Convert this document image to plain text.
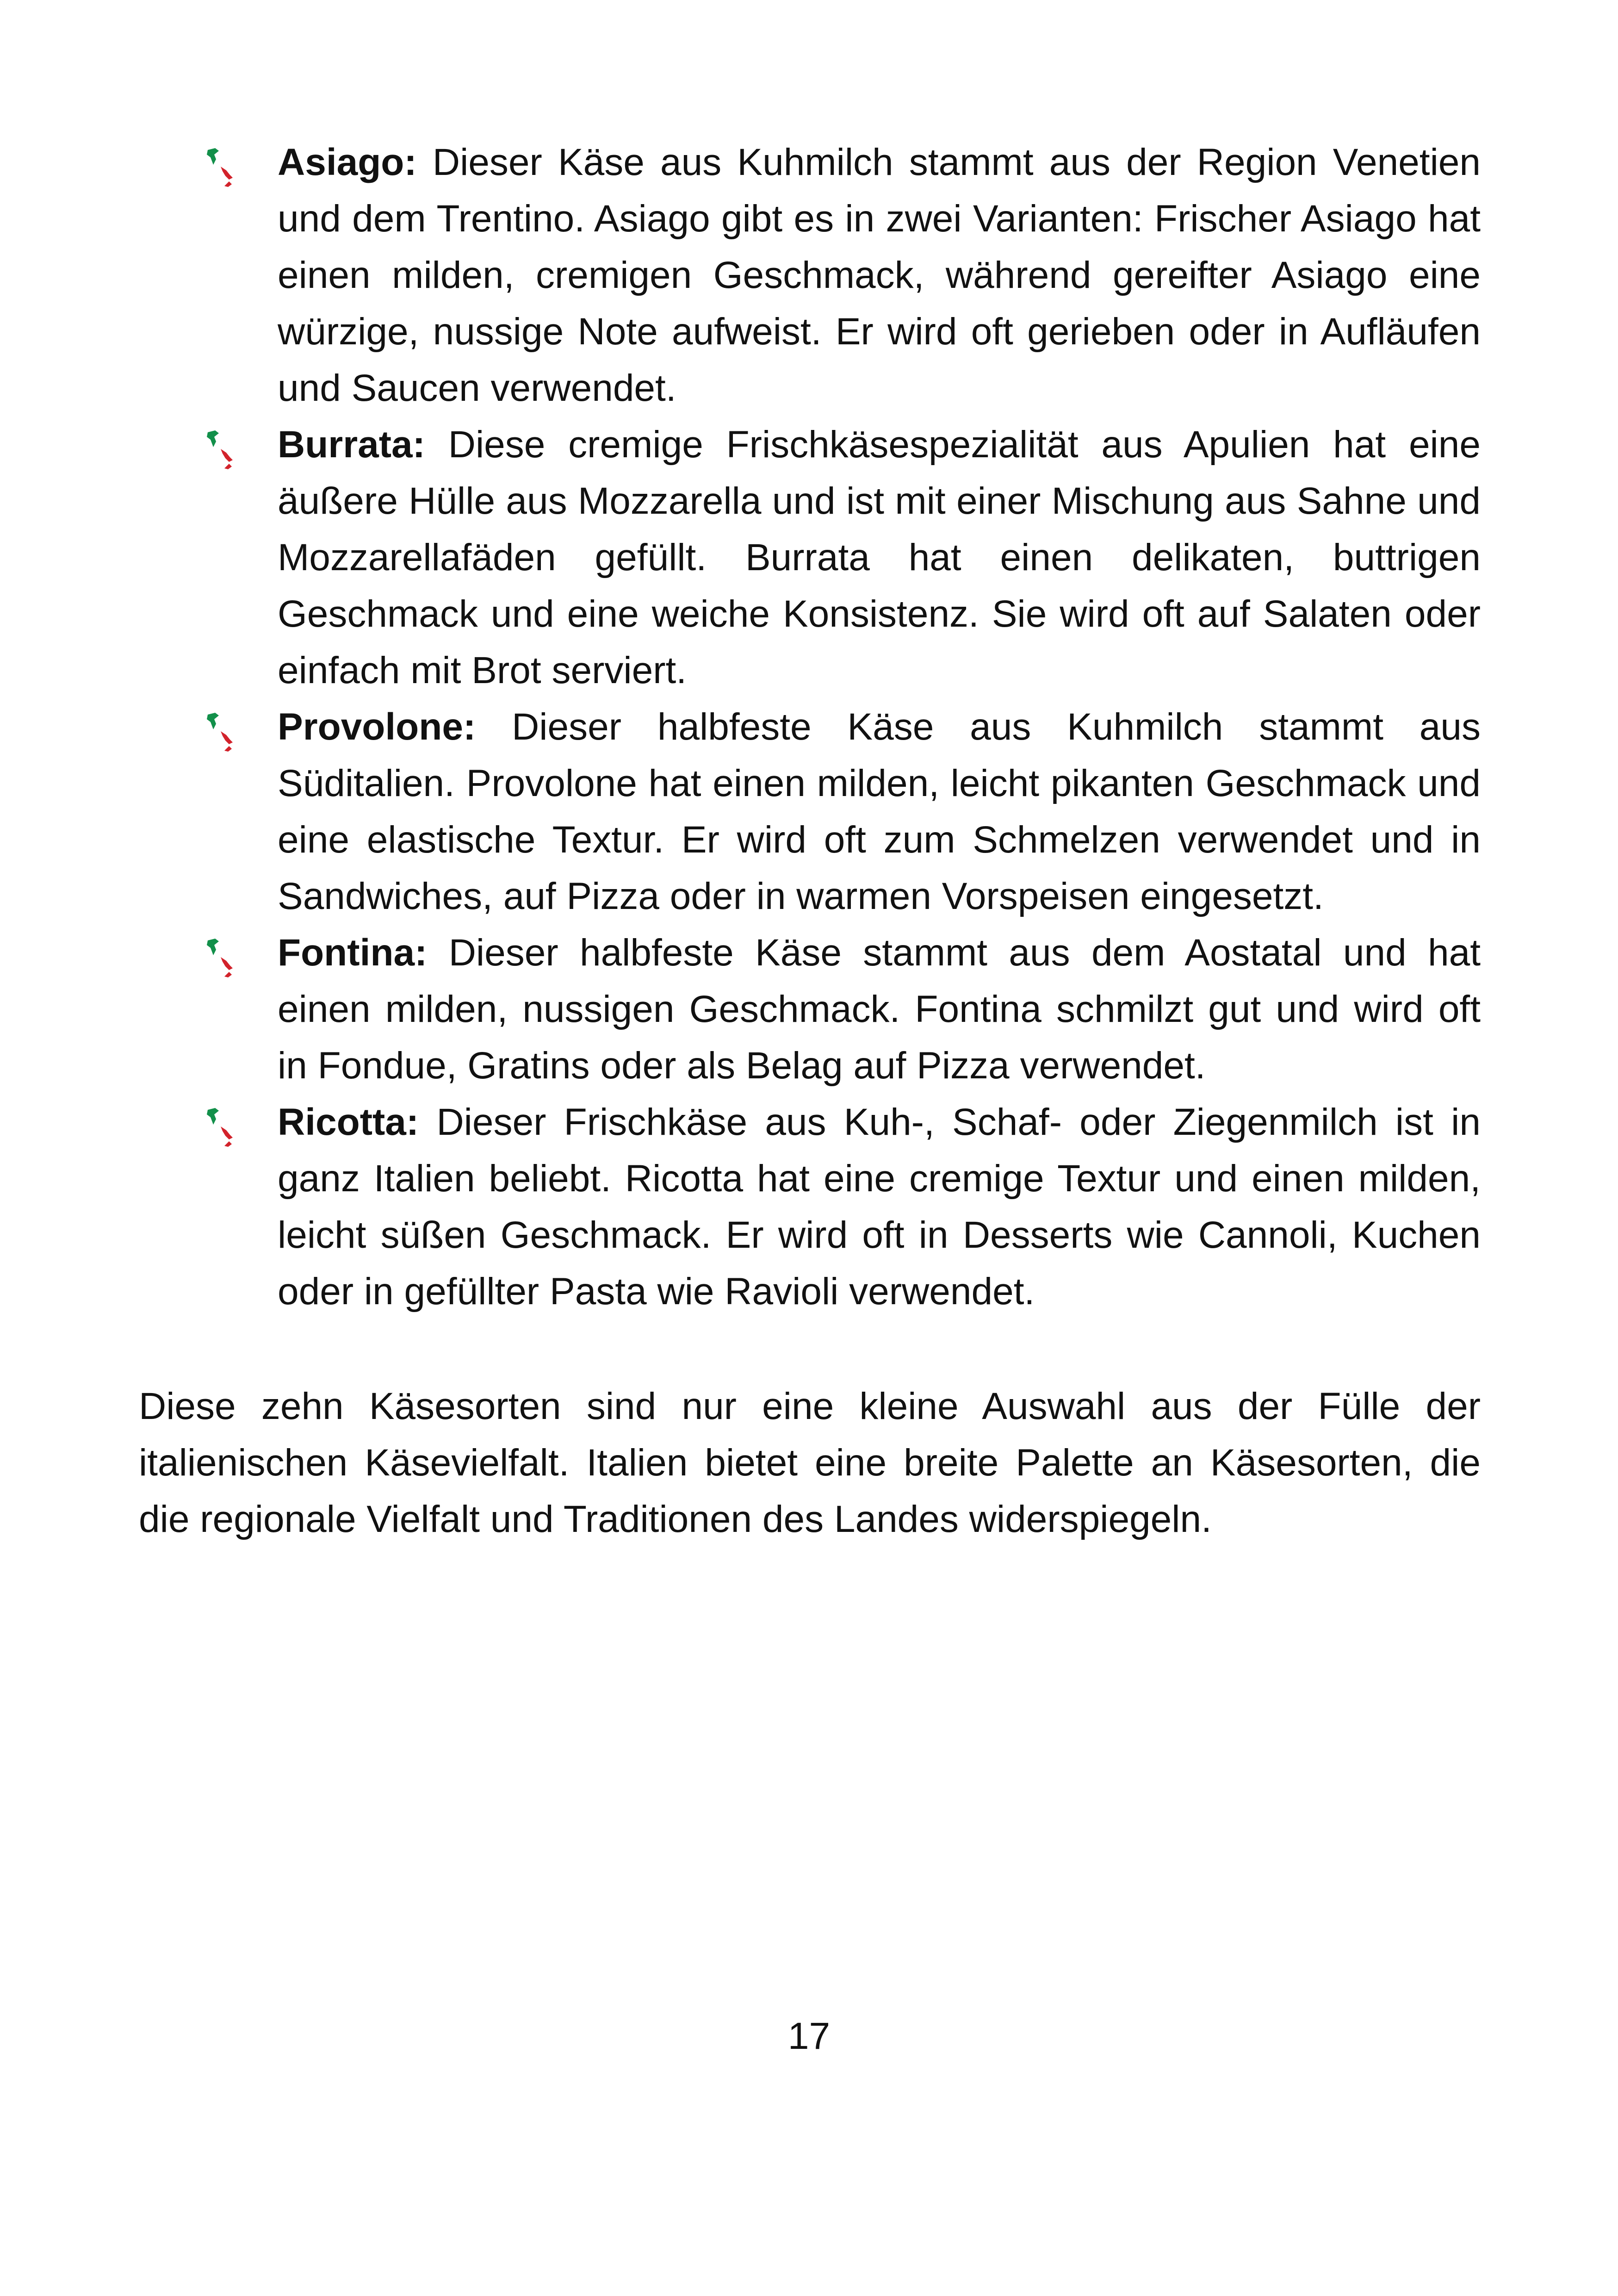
Asiago: Dieser Käse aus Kuhmilch stammt aus der Region Venetien und dem Trentino. Asiago gibt es in zwei Varianten: Frischer Asiago hat einen milden, cremigen Geschmack, während gereifter Asiago eine würzige, nussige Note aufweist. Er wird oft gerieben oder in Aufläufen und Saucen verwendet.
Burrata: Diese cremige Frischkäsespezialität aus Apulien hat eine äußere Hülle aus Mozzarella und ist mit einer Mischung aus Sahne und Mozzarellafäden gefüllt. Burrata hat einen delikaten, buttrigen Geschmack und eine weiche Konsistenz. Sie wird oft auf Salaten oder einfach mit Brot serviert.
Provolone: Dieser halbfeste Käse aus Kuhmilch stammt aus Süditalien. Provolone hat einen milden, leicht pikanten Geschmack und eine elastische Textur. Er wird oft zum Schmelzen verwendet und in Sandwiches, auf Pizza oder in warmen Vorspeisen eingesetzt.
Fontina: Dieser halbfeste Käse stammt aus dem Aostatal und hat einen milden, nussigen Geschmack. Fontina schmilzt gut und wird oft in Fondue, Gratins oder als Belag auf Pizza verwendet.
Ricotta: Dieser Frischkäse aus Kuh-, Schaf- oder Ziegenmilch ist in ganz Italien beliebt. Ricotta hat eine cremige Textur und einen milden, leicht süßen Geschmack. Er wird oft in Desserts wie Cannoli, Kuchen oder in gefüllter Pasta wie Ravioli verwendet.

Diese zehn Käsesorten sind nur eine kleine Auswahl aus der Fülle der italienischen Käsevielfalt. Italien bietet eine breite Palette an Käsesorten, die die regionale Vielfalt und Traditionen des Landes widerspiegeln.

17
